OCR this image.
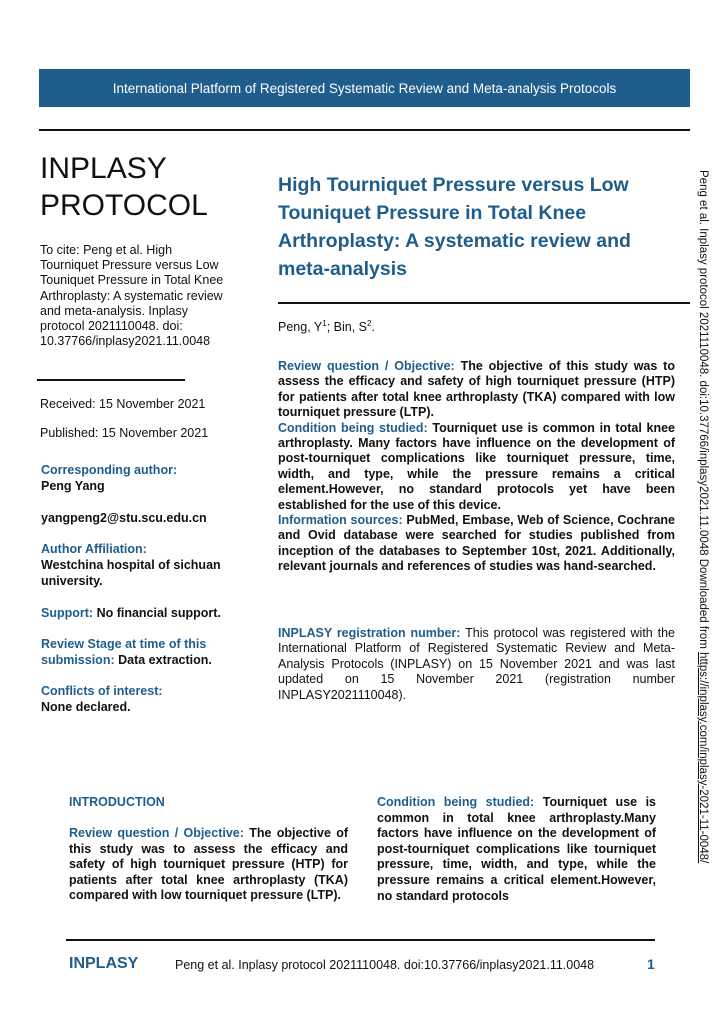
International Platform of Registered Systematic Review and Meta-analysis Protocols
INPLASY
PROTOCOL
To cite: Peng et al. High Tourniquet Pressure versus Low Touniquet Pressure in Total Knee Arthroplasty: A systematic review and meta-analysis. Inplasy protocol 2021110048. doi: 10.37766/inplasy2021.11.0048
Received: 15 November 2021
Published: 15 November 2021
Corresponding author:
Peng Yang
yangpeng2@stu.scu.edu.cn
Author Affiliation:
Westchina hospital of sichuan university.
Support: No financial support.
Review Stage at time of this submission: Data extraction.
Conflicts of interest:
None declared.
High Tourniquet Pressure versus Low Touniquet Pressure in Total Knee Arthroplasty: A systematic review and meta-analysis
Peng, $Y^1$; Bin, $S^2$.

Review question / Objective: The objective of this study was to assess the efficacy and safety of high tourniquet pressure (HTP) for patients after total knee arthroplasty (TKA) compared with low tourniquet pressure (LTP).

Condition being studied: Tourniquet use is common in total knee arthroplasty. Many factors have influence on the development of post-tourniquet complications like tourniquet pressure, time, width, and type, while the pressure remains a critical element.However, no standard protocols yet have been established for the use of this device.

Information sources: PubMed, Embase, Web of Science, Cochrane and Ovid database were searched for studies published from inception of the databases to September 10st, 2021. Additionally, relevant journals and references of studies was hand-searched.

INPLASY registration number: This protocol was registered with the International Platform of Registered Systematic Review and Meta-Analysis Protocols (INPLASY) on 15 November 2021 and was last updated on 15 November 2021 (registration number INPLASY2021110048).

INTRODUCTION
Review question / Objective: The objective of this study was to assess the efficacy and safety of high tourniquet pressure (HTP) for patients after total knee arthroplasty (TKA) compared with low tourniquet pressure (LTP).
Condition being studied: Tourniquet use is common in total knee arthroplasty.Many factors have influence on the development of post-tourniquet complications like tourniquet pressure, time, width, and type, while the pressure remains a critical element.However, no standard protocols
INPLASY	Peng et al. Inplasy protocol 2021110048. doi:10.37766/inplasy2021.11.0048	1
Peng et al. Inplasy protocol 2021110048. doi:10.37766/inplasy2021.11.0048 Downloaded from https://inplasy.com/inplasy-2021-11-0048/
